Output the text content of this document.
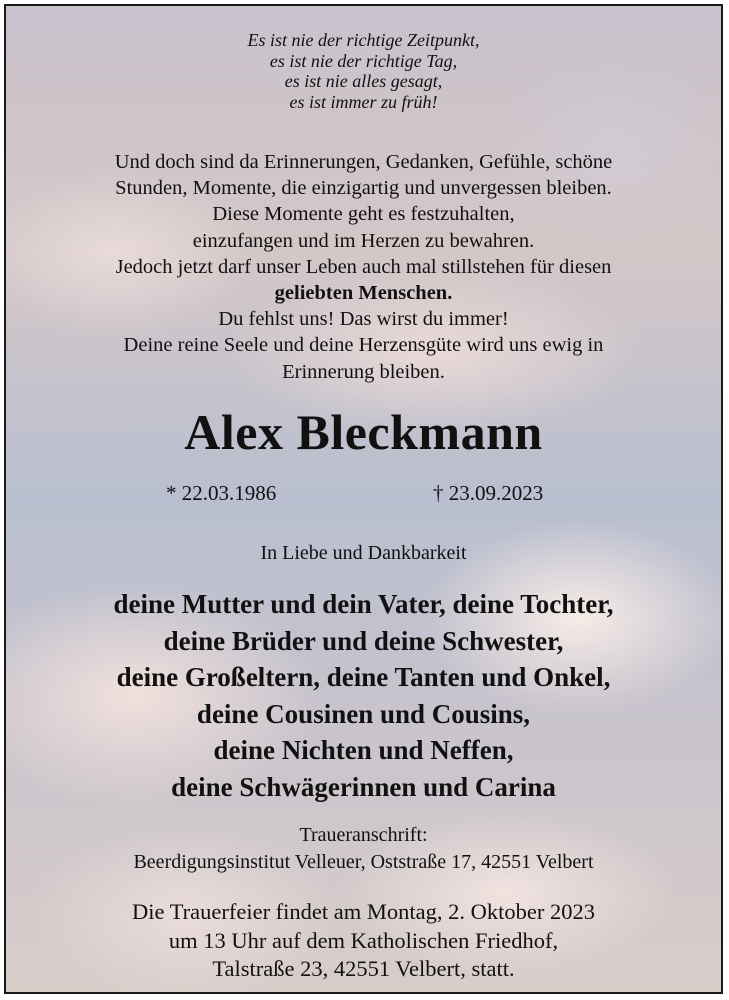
Es ist nie der richtige Zeitpunkt,
es ist nie der richtige Tag,
es ist nie alles gesagt,
es ist immer zu früh!
Und doch sind da Erinnerungen, Gedanken, Gefühle, schöne
Stunden, Momente, die einzigartig und unvergessen bleiben.
Diese Momente geht es festzuhalten,
einzufangen und im Herzen zu bewahren.
Jedoch jetzt darf unser Leben auch mal stillstehen für diesen
geliebten Menschen.
Du fehlst uns! Das wirst du immer!
Deine reine Seele und deine Herzensgüte wird uns ewig in
Erinnerung bleiben.
Alex Bleckmann
* 22.03.1986	† 23.09.2023
In Liebe und Dankbarkeit
deine Mutter und dein Vater, deine Tochter,
deine Brüder und deine Schwester,
deine Großeltern, deine Tanten und Onkel,
deine Cousinen und Cousins,
deine Nichten und Neffen,
deine Schwägerinnen und Carina
Traueranschrift:
Beerdigungsinstitut Velleuer, Oststraße 17, 42551 Velbert
Die Trauerfeier findet am Montag, 2. Oktober 2023
um 13 Uhr auf dem Katholischen Friedhof,
Talstraße 23, 42551 Velbert, statt.
